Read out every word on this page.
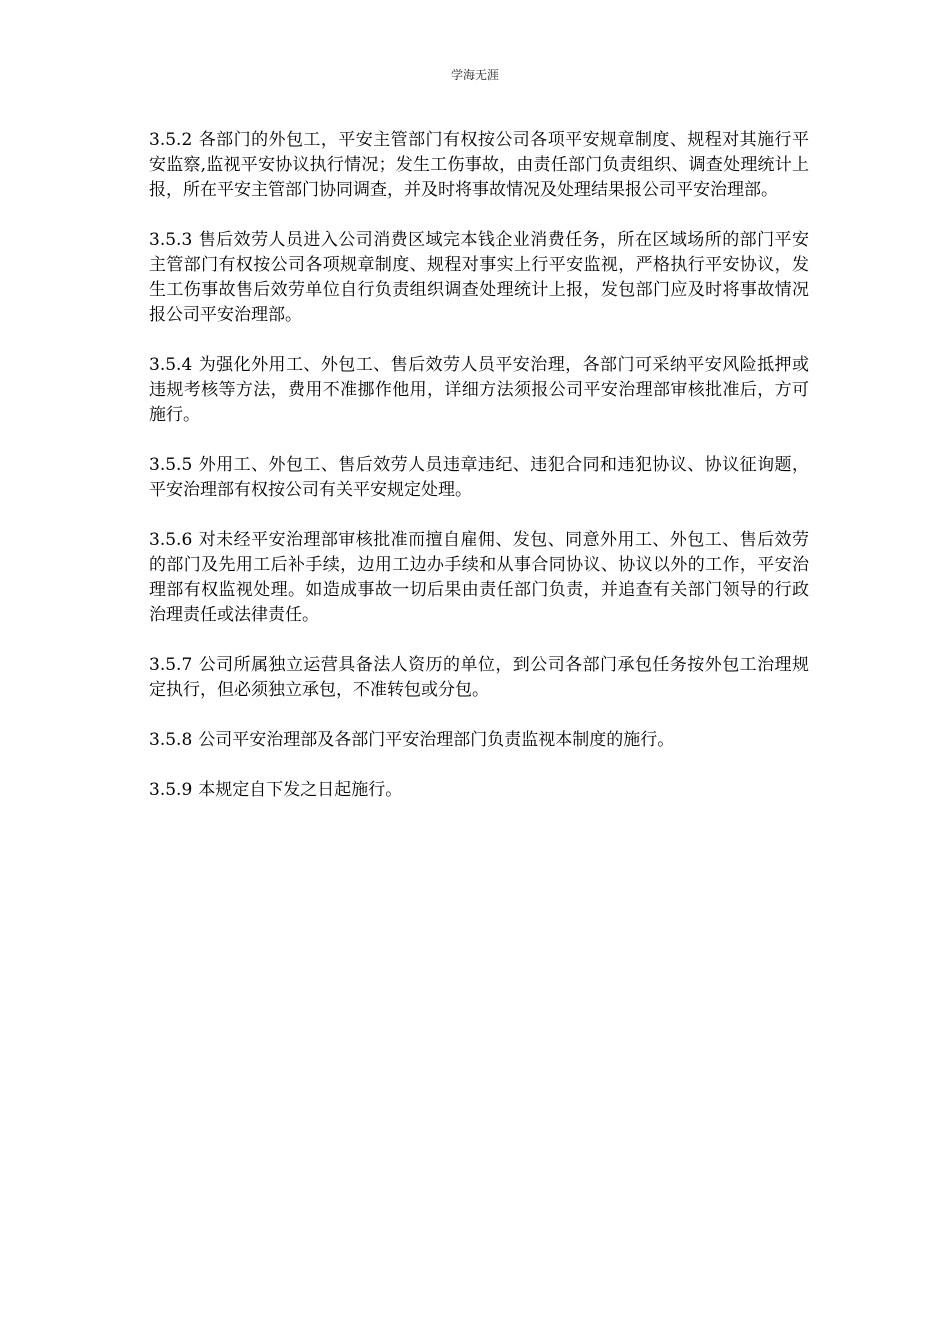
学海无涯

3.5.2 各部门的外包工，平安主管部门有权按公司各项平安规章制度、规程对其施行平安监察,监视平安协议执行情况；发生工伤事故，由责任部门负责组织、调查处理统计上报，所在平安主管部门协同调查，并及时将事故情况及处理结果报公司平安治理部。

3.5.3 售后效劳人员进入公司消费区域完本钱企业消费任务，所在区域场所的部门平安主管部门有权按公司各项规章制度、规程对事实上行平安监视，严格执行平安协议，发生工伤事故售后效劳单位自行负责组织调查处理统计上报，发包部门应及时将事故情况报公司平安治理部。

3.5.4 为强化外用工、外包工、售后效劳人员平安治理，各部门可采纳平安风险抵押或违规考核等方法，费用不准挪作他用，详细方法须报公司平安治理部审核批准后，方可施行。

3.5.5 外用工、外包工、售后效劳人员违章违纪、违犯合同和违犯协议、协议征询题，平安治理部有权按公司有关平安规定处理。

3.5.6 对未经平安治理部审核批准而擅自雇佣、发包、同意外用工、外包工、售后效劳的部门及先用工后补手续，边用工边办手续和从事合同协议、协议以外的工作，平安治理部有权监视处理。如造成事故一切后果由责任部门负责，并追查有关部门领导的行政治理责任或法律责任。

3.5.7 公司所属独立运营具备法人资历的单位，到公司各部门承包任务按外包工治理规定执行，但必须独立承包，不准转包或分包。

3.5.8 公司平安治理部及各部门平安治理部门负责监视本制度的施行。

3.5.9 本规定自下发之日起施行。
